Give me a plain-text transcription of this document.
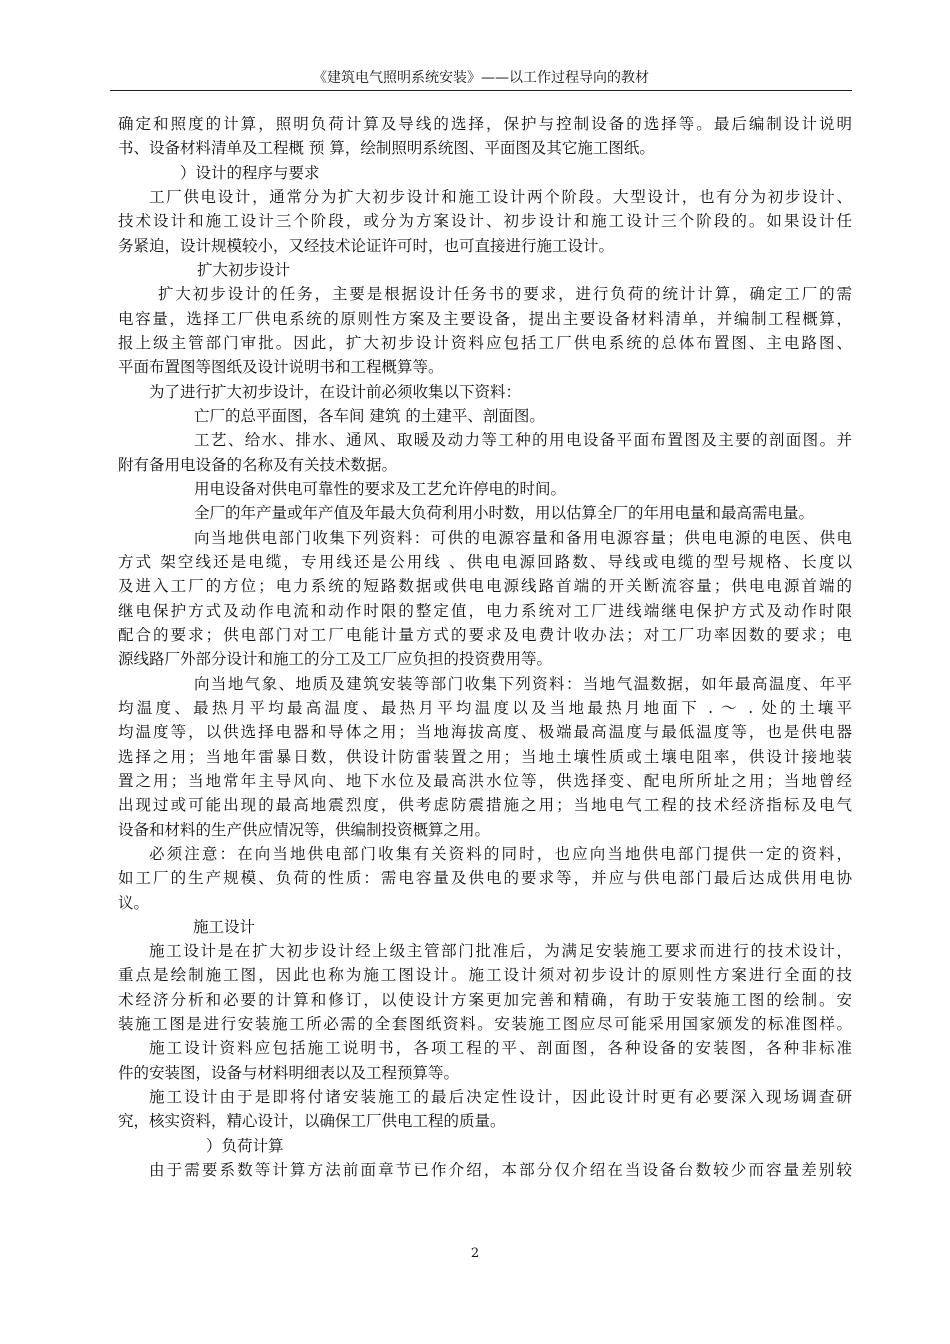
《建筑电气照明系统安装》——以工作过程导向的教材
确定和照度的计算，照明负荷计算及导线的选择，保护与控制设备的选择等。最后编制设计说明
书、设备材料清单及工程概 预 算，绘制照明系统图、平面图及其它施工图纸。
）设计的程序与要求
工厂供电设计，通常分为扩大初步设计和施工设计两个阶段。大型设计，也有分为初步设计、
技术设计和施工设计三个阶段，或分为方案设计、初步设计和施工设计三个阶段的。如果设计任
务紧迫，设计规模较小，又经技术论证许可时，也可直接进行施工设计。
扩大初步设计
扩大初步设计的任务，主要是根据设计任务书的要求，进行负荷的统计计算，确定工厂的需
电容量，选择工厂供电系统的原则性方案及主要设备，提出主要设备材料清单，并编制工程概算，
报上级主管部门审批。因此，扩大初步设计资料应包括工厂供电系统的总体布置图、主电路图、
平面布置图等图纸及设计说明书和工程概算等。
为了进行扩大初步设计，在设计前必须收集以下资料：
亡厂的总平面图，各车间 建筑 的土建平、剖面图。
工艺、给水、排水、通风、取暖及动力等工种的用电设备平面布置图及主要的剖面图。并
附有备用电设备的名称及有关技术数据。
用电设备对供电可靠性的要求及工艺允许停电的时间。
全厂的年产量或年产值及年最大负荷利用小时数，用以估算全厂的年用电量和最高需电量。
向当地供电部门收集下列资料：可供的电源容量和备用电源容量；供电电源的电医、供电
方式 架空线还是电缆，专用线还是公用线 、供电电源回路数、导线或电缆的型号规格、长度以
及进入工厂的方位；电力系统的短路数据或供电电源线路首端的开关断流容量；供电电源首端的
继电保护方式及动作电流和动作时限的整定值，电力系统对工厂进线端继电保护方式及动作时限
配合的要求；供电部门对工厂电能计量方式的要求及电费计收办法；对工厂功率因数的要求；电
源线路厂外部分设计和施工的分工及工厂应负担的投资费用等。
向当地气象、地质及建筑安装等部门收集下列资料：当地气温数据，如年最高温度、年平
均温度、最热月平均最高温度、最热月平均温度以及当地最热月地面下 . ～ . 处的土壤平
均温度等，以供选择电器和导体之用；当地海拔高度、极端最高温度与最低温度等，也是供电器
选择之用；当地年雷暴日数，供设计防雷装置之用；当地土壤性质或土壤电阻率，供设计接地装
置之用；当地常年主导风向、地下水位及最高洪水位等，供选择变、配电所所址之用；当地曾经
出现过或可能出现的最高地震烈度，供考虑防震措施之用；当地电气工程的技术经济指标及电气
设备和材料的生产供应情况等，供编制投资概算之用。
必须注意：在向当地供电部门收集有关资料的同时，也应向当地供电部门提供一定的资料，
如工厂的生产规模、负荷的性质：需电容量及供电的要求等，并应与供电部门最后达成供用电协
议。
施工设计
施工设计是在扩大初步设计经上级主管部门批准后，为满足安装施工要求而进行的技术设计，
重点是绘制施工图，因此也称为施工图设计。施工设计须对初步设计的原则性方案进行全面的技
术经济分析和必要的计算和修订，以使设计方案更加完善和精确，有助于安装施工图的绘制。安
装施工图是进行安装施工所必需的全套图纸资料。安装施工图应尽可能采用国家颁发的标准图样。
施工设计资料应包括施工说明书，各项工程的平、剖面图，各种设备的安装图，各种非标准
件的安装图，设备与材料明细表以及工程预算等。
施工设计由于是即将付诸安装施工的最后决定性设计，因此设计时更有必要深入现场调查研
究，核实资料，精心设计，以确保工厂供电工程的质量。
）负荷计算
由于需要系数等计算方法前面章节已作介绍，本部分仅介绍在当设备台数较少而容量差别较
2
